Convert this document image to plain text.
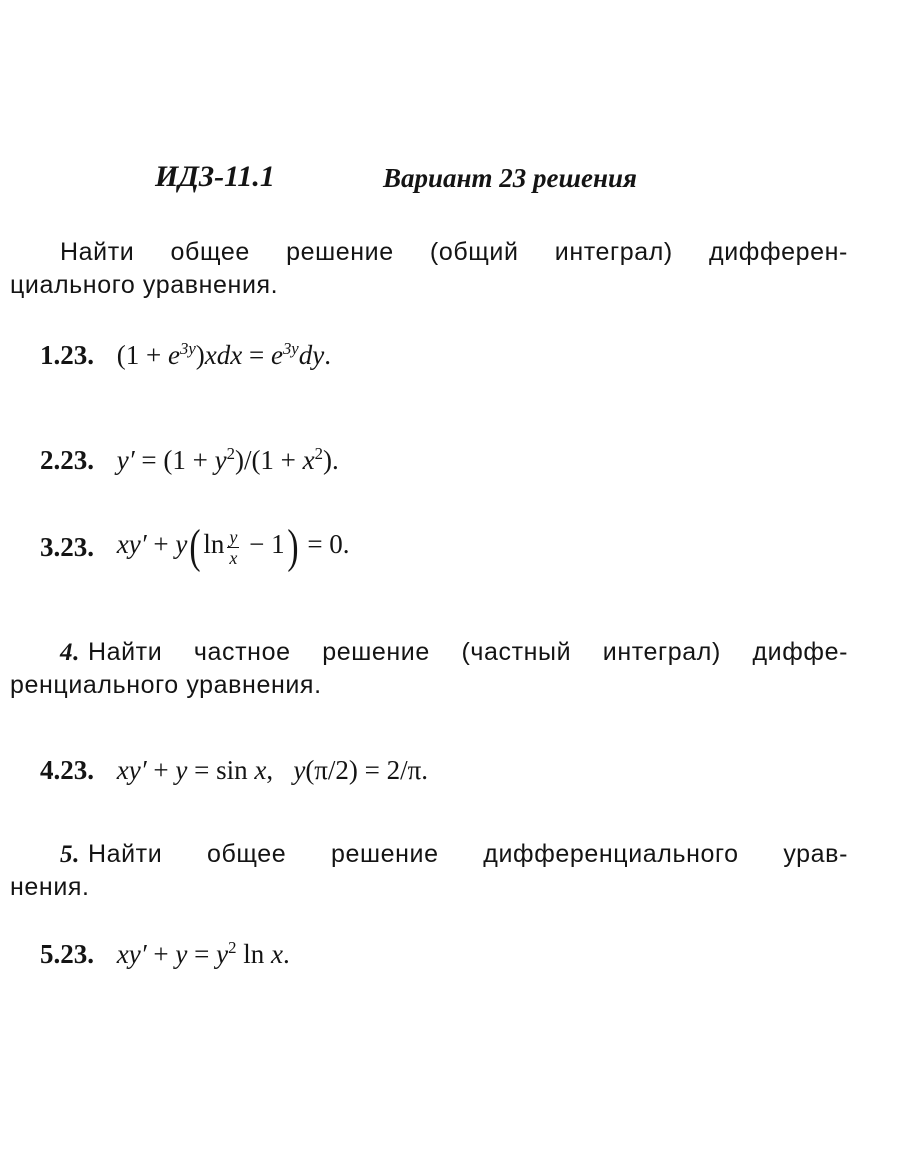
ИДЗ-11.1	Вариант 23 решения
Найти общее решение (общий интеграл) дифферен-
циального уравнения.
1.23. $(1 + e^{3y})xdx = e^{3y}dy$.
2.23. $y' = (1 + y^2)/(1 + x^2)$.
3.23. $xy' + y(\ln \frac{y}{x} - 1) = 0$.
4. Найти частное решение (частный интеграл) диффе-
ренциального уравнения.
4.23. xy′ + y = sin x,   y(π/2) = 2/π.
5. Найти общее решение дифференциального урав-
нения.
5.23. $xy' + y = y^2$ ln x.
